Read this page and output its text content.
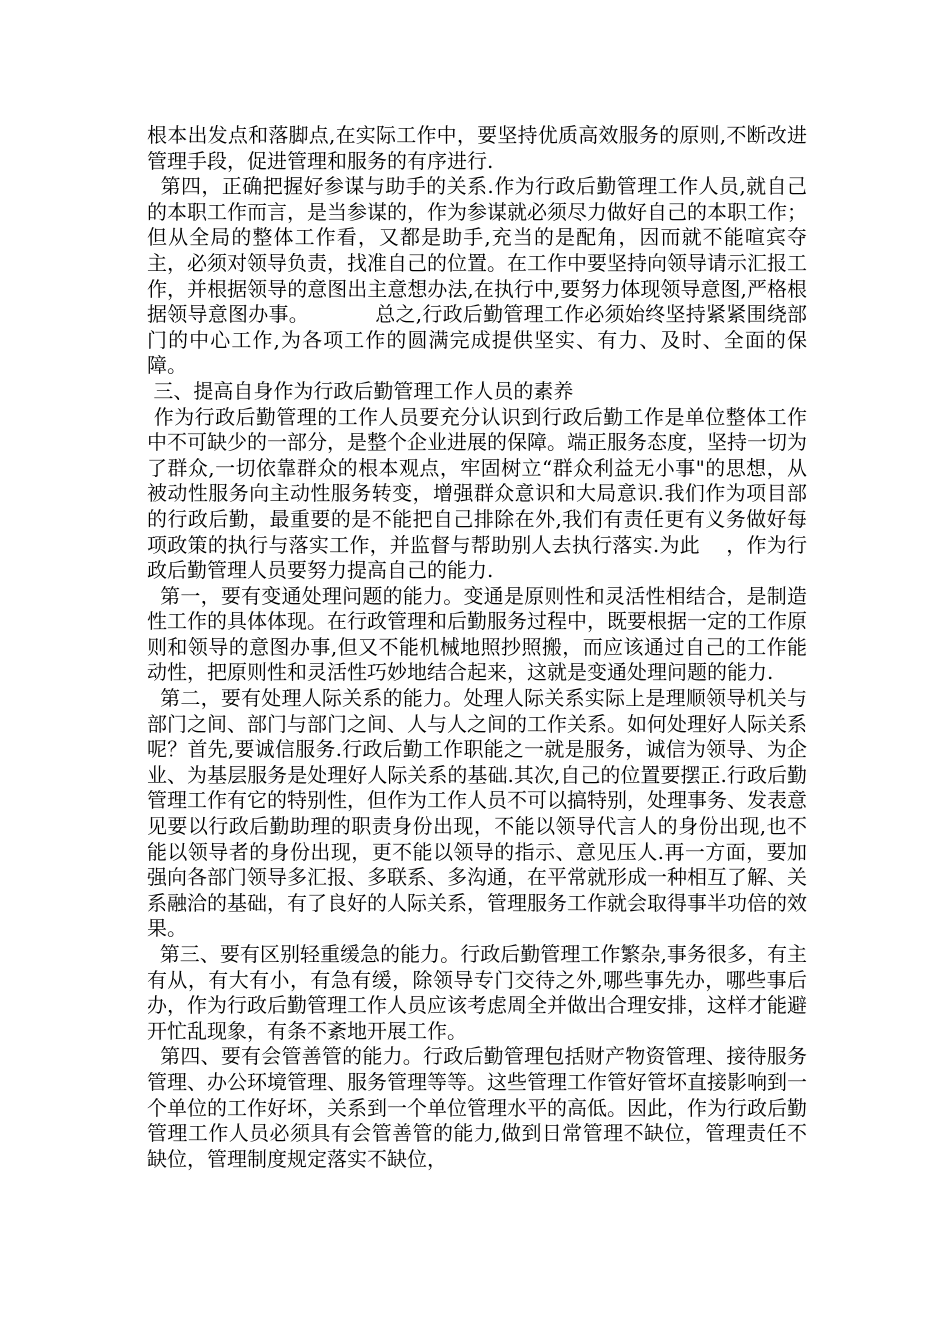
根本出发点和落脚点,在实际工作中，要坚持优质高效服务的原则,不断改进管理手段，促进管理和服务的有序进行.

第四，正确把握好参谋与助手的关系.作为行政后勤管理工作人员,就自己的本职工作而言，是当参谋的，作为参谋就必须尽力做好自己的本职工作；但从全局的整体工作看，又都是助手,充当的是配角，因而就不能喧宾夺主，必须对领导负责，找准自己的位置。在工作中要坚持向领导请示汇报工作，并根据领导的意图出主意想办法,在执行中,要努力体现领导意图,严格根据领导意图办事。          总之,行政后勤管理工作必须始终坚持紧紧围绕部门的中心工作,为各项工作的圆满完成提供坚实、有力、及时、全面的保障。

三、提高自身作为行政后勤管理工作人员的素养

作为行政后勤管理的工作人员要充分认识到行政后勤工作是单位整体工作中不可缺少的一部分，是整个企业进展的保障。端正服务态度，坚持一切为了群众,一切依靠群众的根本观点，牢固树立“群众利益无小事"的思想，从被动性服务向主动性服务转变，增强群众意识和大局意识.我们作为项目部的行政后勤，最重要的是不能把自己排除在外,我们有责任更有义务做好每项政策的执行与落实工作，并监督与帮助别人去执行落实.为此    ，作为行政后勤管理人员要努力提高自己的能力.

第一，要有变通处理问题的能力。变通是原则性和灵活性相结合，是制造性工作的具体体现。在行政管理和后勤服务过程中，既要根据一定的工作原则和领导的意图办事,但又不能机械地照抄照搬，而应该通过自己的工作能动性，把原则性和灵活性巧妙地结合起来，这就是变通处理问题的能力.

第二，要有处理人际关系的能力。处理人际关系实际上是理顺领导机关与部门之间、部门与部门之间、人与人之间的工作关系。如何处理好人际关系呢？首先,要诚信服务.行政后勤工作职能之一就是服务，诚信为领导、为企业、为基层服务是处理好人际关系的基础.其次,自己的位置要摆正.行政后勤管理工作有它的特别性，但作为工作人员不可以搞特别，处理事务、发表意见要以行政后勤助理的职责身份出现，不能以领导代言人的身份出现,也不能以领导者的身份出现，更不能以领导的指示、意见压人.再一方面，要加强向各部门领导多汇报、多联系、多沟通，在平常就形成一种相互了解、关系融洽的基础，有了良好的人际关系，管理服务工作就会取得事半功倍的效果。

第三、要有区别轻重缓急的能力。行政后勤管理工作繁杂,事务很多，有主有从，有大有小，有急有缓，除领导专门交待之外,哪些事先办，哪些事后办，作为行政后勤管理工作人员应该考虑周全并做出合理安排，这样才能避开忙乱现象，有条不紊地开展工作。

第四、要有会管善管的能力。行政后勤管理包括财产物资管理、接待服务管理、办公环境管理、服务管理等等。这些管理工作管好管坏直接影响到一个单位的工作好坏，关系到一个单位管理水平的高低。因此，作为行政后勤管理工作人员必须具有会管善管的能力,做到日常管理不缺位，管理责任不缺位，管理制度规定落实不缺位，
